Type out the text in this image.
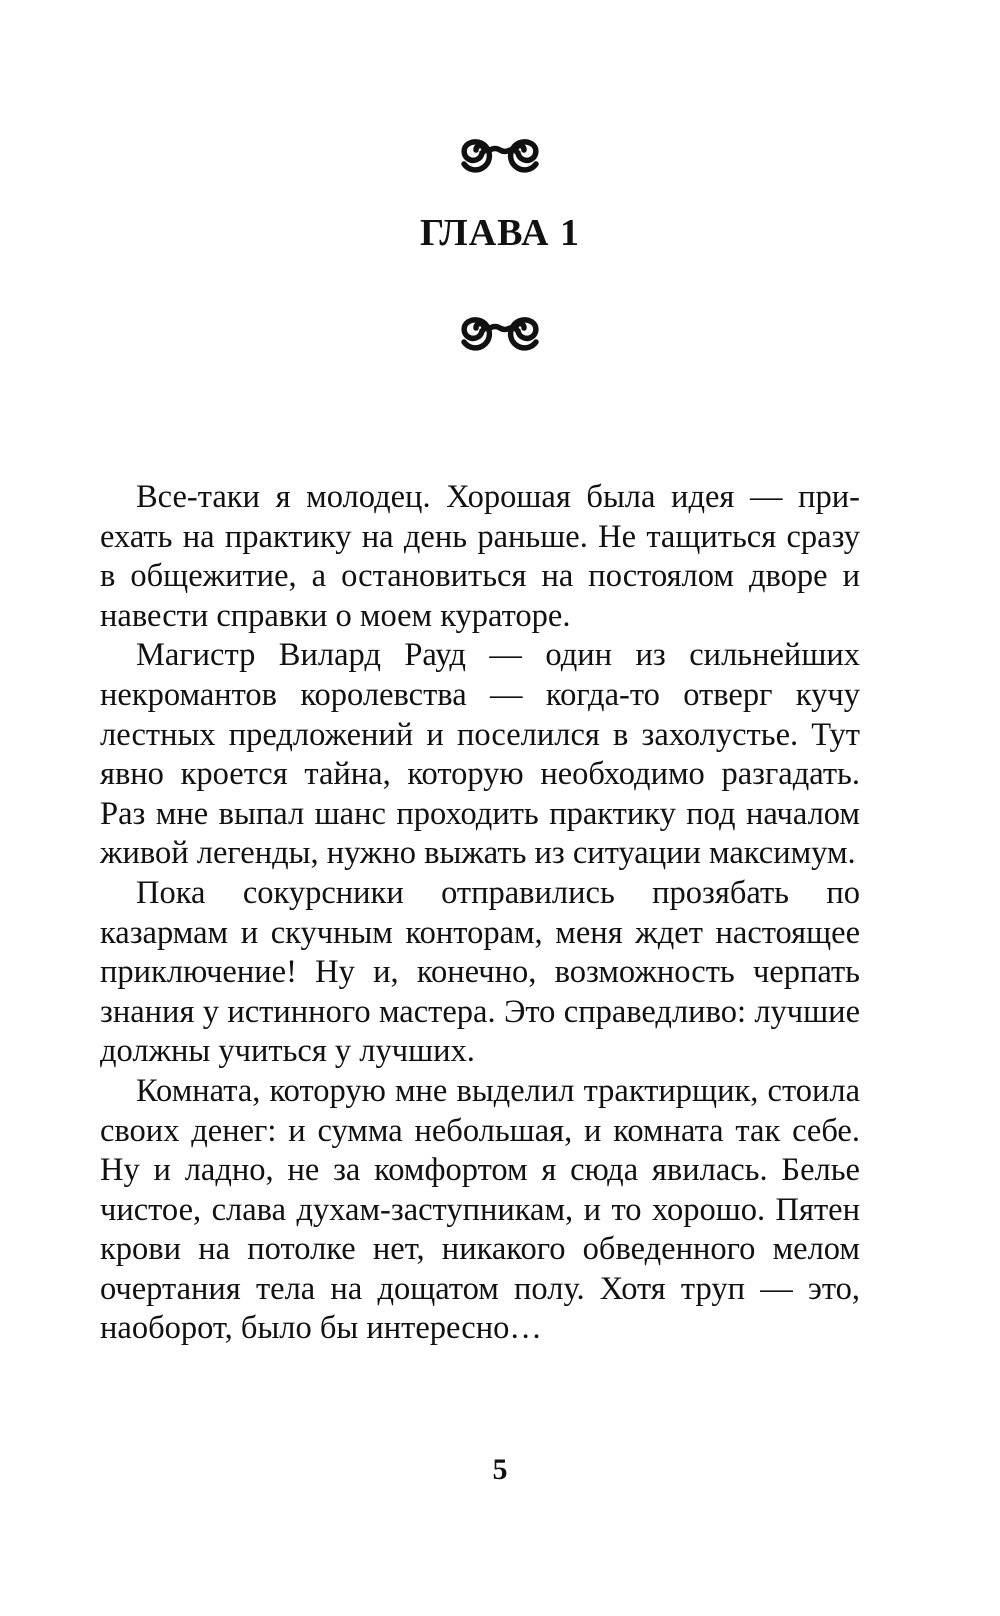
ГЛАВА 1

Все-таки я молодец. Хорошая была идея — приехать на практику на день раньше. Не тащиться сразу в общежитие, а остановиться на постоялом дворе и навести справки о моем кураторе.

Магистр Вилард Рауд — один из сильнейших некромантов королевства — когда-то отверг кучу лестных предложений и поселился в захолустье. Тут явно кроется тайна, которую необходимо разгадать. Раз мне выпал шанс проходить практику под началом живой легенды, нужно выжать из ситуации максимум.

Пока сокурсники отправились прозябать по казармам и скучным конторам, меня ждет настоящее приключение! Ну и, конечно, возможность черпать знания у истинного мастера. Это справедливо: лучшие должны учиться у лучших.

Комната, которую мне выделил трактирщик, стоила своих денег: и сумма небольшая, и комната так себе. Ну и ладно, не за комфортом я сюда явилась. Белье чистое, слава духам-заступникам, и то хорошо. Пятен крови на потолке нет, никакого обведенного мелом очертания тела на дощатом полу. Хотя труп — это, наоборот, было бы интересно…

5
